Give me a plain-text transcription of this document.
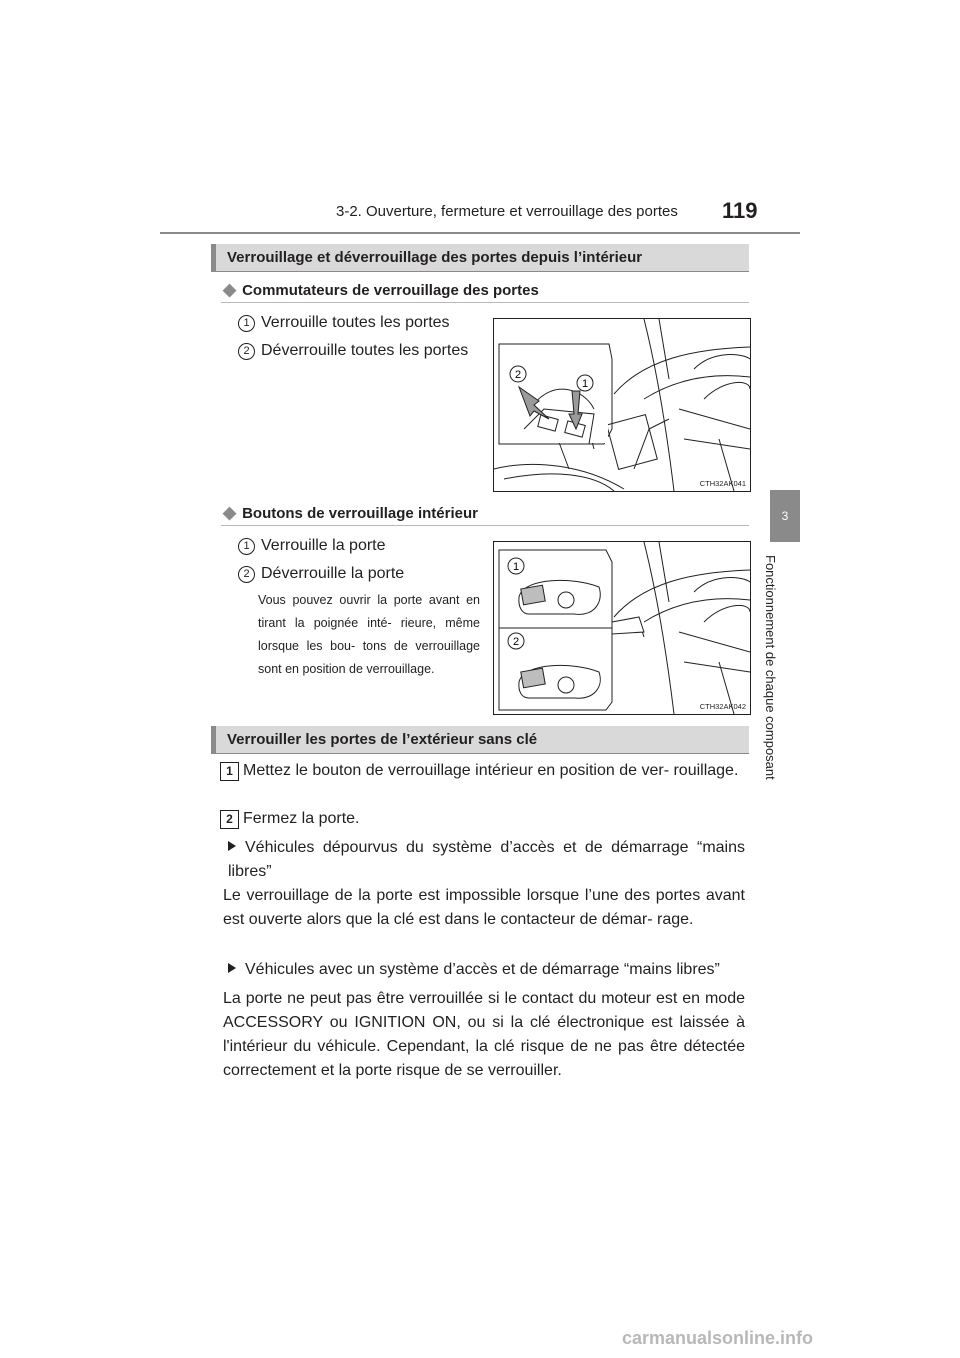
3-2. Ouverture, fermeture et verrouillage des portes 119
3
Fonctionnement de chaque composant
Verrouillage et déverrouillage des portes depuis l’intérieur
◆ Commutateurs de verrouillage des portes
1 Verrouille toutes les portes
2 Déverrouille toutes les portes
2
1
CTH32AK041
◆ Boutons de verrouillage intérieur
1 Verrouille la porte
2 Déverrouille la porte
Vous pouvez ouvrir la porte avant en tirant la poignée inté- rieure, même lorsque les bou- tons de verrouillage sont en position de verrouillage.
1
2
CTH32AK042
Verrouiller les portes de l’extérieur sans clé
1 Mettez le bouton de verrouillage intérieur en position de ver- rouillage.
2 Fermez la porte.
Véhicules dépourvus du système d’accès et de démarrage “mains libres”
Le verrouillage de la porte est impossible lorsque l’une des portes avant est ouverte alors que la clé est dans le contacteur de démar- rage.
Véhicules avec un système d’accès et de démarrage “mains libres”
La porte ne peut pas être verrouillée si le contact du moteur est en mode ACCESSORY ou IGNITION ON, ou si la clé électronique est laissée à l'intérieur du véhicule. Cependant, la clé risque de ne pas être détectée correctement et la porte risque de se verrouiller.
carmanualsonline.info
